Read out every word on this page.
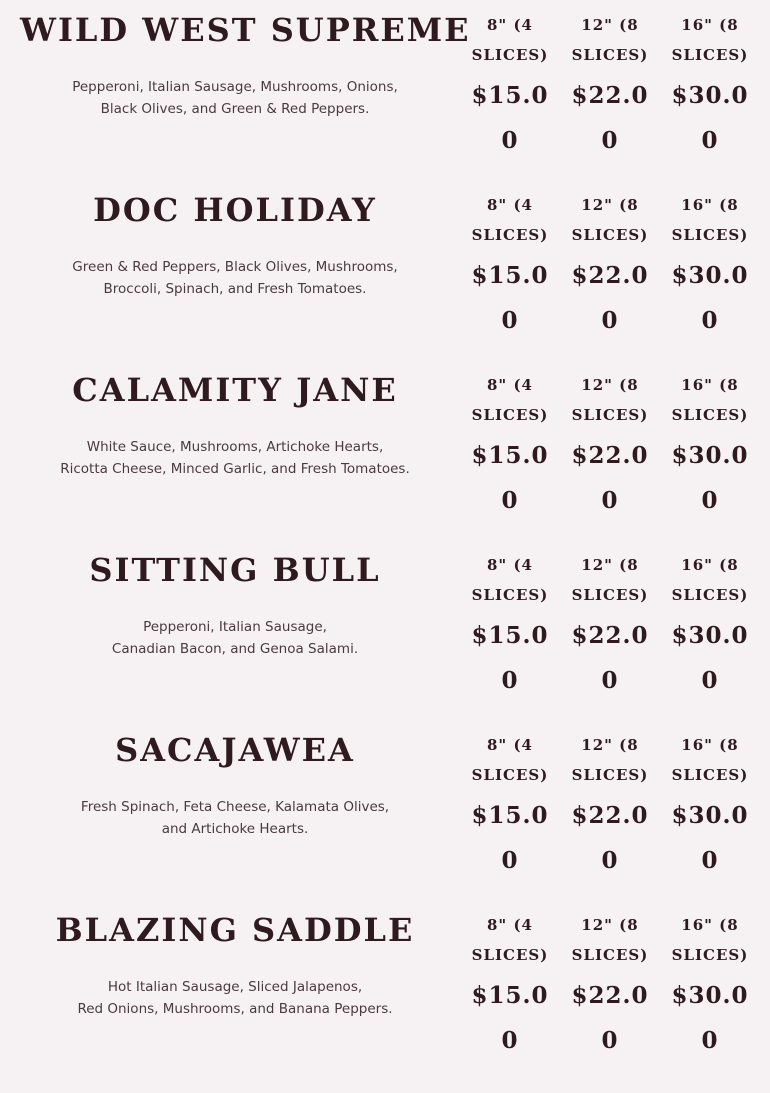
WILD WEST SUPREME
Pepperoni, Italian Sausage, Mushrooms, Onions,
Black Olives, and Green & Red Peppers.
8" (4
SLICES)
$15.0
0
12" (8
SLICES)
$22.0
0
16" (8
SLICES)
$30.0
0
DOC HOLIDAY
Green & Red Peppers, Black Olives, Mushrooms,
Broccoli, Spinach, and Fresh Tomatoes.
8" (4
SLICES)
$15.0
0
12" (8
SLICES)
$22.0
0
16" (8
SLICES)
$30.0
0
CALAMITY JANE
White Sauce, Mushrooms, Artichoke Hearts,
Ricotta Cheese, Minced Garlic, and Fresh Tomatoes.
8" (4
SLICES)
$15.0
0
12" (8
SLICES)
$22.0
0
16" (8
SLICES)
$30.0
0
SITTING BULL
Pepperoni, Italian Sausage,
Canadian Bacon, and Genoa Salami.
8" (4
SLICES)
$15.0
0
12" (8
SLICES)
$22.0
0
16" (8
SLICES)
$30.0
0
SACAJAWEA
Fresh Spinach, Feta Cheese, Kalamata Olives,
and Artichoke Hearts.
8" (4
SLICES)
$15.0
0
12" (8
SLICES)
$22.0
0
16" (8
SLICES)
$30.0
0
BLAZING SADDLE
Hot Italian Sausage, Sliced Jalapenos,
Red Onions, Mushrooms, and Banana Peppers.
8" (4
SLICES)
$15.0
0
12" (8
SLICES)
$22.0
0
16" (8
SLICES)
$30.0
0
